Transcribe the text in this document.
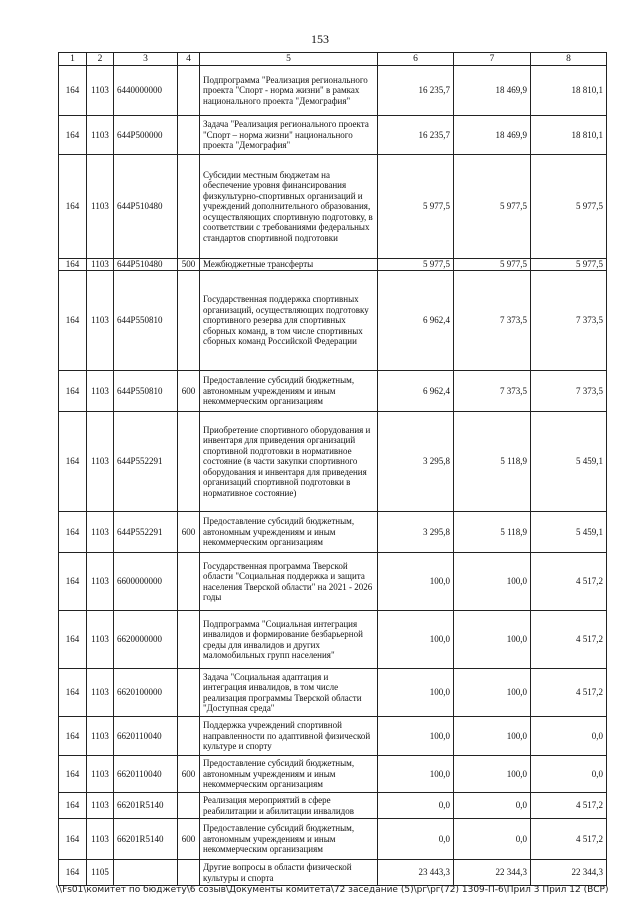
153
1	2	3	4	5	6	7	8
164	1103	6440000000		Подпрограмма "Реализация регионального проекта "Спорт - норма жизни" в рамках национального проекта "Демография"	16 235,7	18 469,9	18 810,1
164	1103	644Р500000		Задача "Реализация регионального проекта "Спорт – норма жизни" национального проекта "Демография"	16 235,7	18 469,9	18 810,1
164	1103	644Р510480		Субсидии местным бюджетам на обеспечение уровня финансирования физкультурно-спортивных организаций и учреждений дополнительного образования, осуществляющих спортивную подготовку, в соответствии с требованиями федеральных стандартов спортивной подготовки	5 977,5	5 977,5	5 977,5
164	1103	644Р510480	500	Межбюджетные трансферты	5 977,5	5 977,5	5 977,5
164	1103	644Р550810		Государственная поддержка спортивных организаций, осуществляющих подготовку спортивного резерва для спортивных сборных команд, в том числе спортивных сборных команд Российской Федерации	6 962,4	7 373,5	7 373,5
164	1103	644Р550810	600	Предоставление субсидий бюджетным, автономным учреждениям и иным некоммерческим организациям	6 962,4	7 373,5	7 373,5
164	1103	644Р552291		Приобретение спортивного оборудования и инвентаря для приведения организаций спортивной подготовки в нормативное состояние (в части закупки спортивного оборудования и инвентаря для приведения организаций спортивной подготовки в нормативное состояние)	3 295,8	5 118,9	5 459,1
164	1103	644Р552291	600	Предоставление субсидий бюджетным, автономным учреждениям и иным некоммерческим организациям	3 295,8	5 118,9	5 459,1
164	1103	6600000000		Государственная программа Тверской области "Социальная поддержка и защита населения Тверской области" на 2021 - 2026 годы	100,0	100,0	4 517,2
164	1103	6620000000		Подпрограмма "Социальная интеграция инвалидов и формирование безбарьерной среды для инвалидов и других маломобильных групп населения"	100,0	100,0	4 517,2
164	1103	6620100000		Задача "Социальная адаптация и интеграция инвалидов, в том числе реализация программы Тверской области "Доступная среда"	100,0	100,0	4 517,2
164	1103	6620110040		Поддержка учреждений спортивной направленности по адаптивной физической культуре и спорту	100,0	100,0	0,0
164	1103	6620110040	600	Предоставление субсидий бюджетным, автономным учреждениям и иным некоммерческим организациям	100,0	100,0	0,0
164	1103	66201R5140		Реализация мероприятий в сфере реабилитации и абилитации инвалидов	0,0	0,0	4 517,2
164	1103	66201R5140	600	Предоставление субсидий бюджетным, автономным учреждениям и иным некоммерческим организациям	0,0	0,0	4 517,2
164	1105			Другие вопросы в области физической культуры и спорта	23 443,3	22 344,3	22 344,3
\\Fs01\комитет по бюджету\6 созыв\Документы комитета\72 заседание (5)\рг\рг(72) 1309-П-6\Прил 3 Прил 12 (ВСР)
